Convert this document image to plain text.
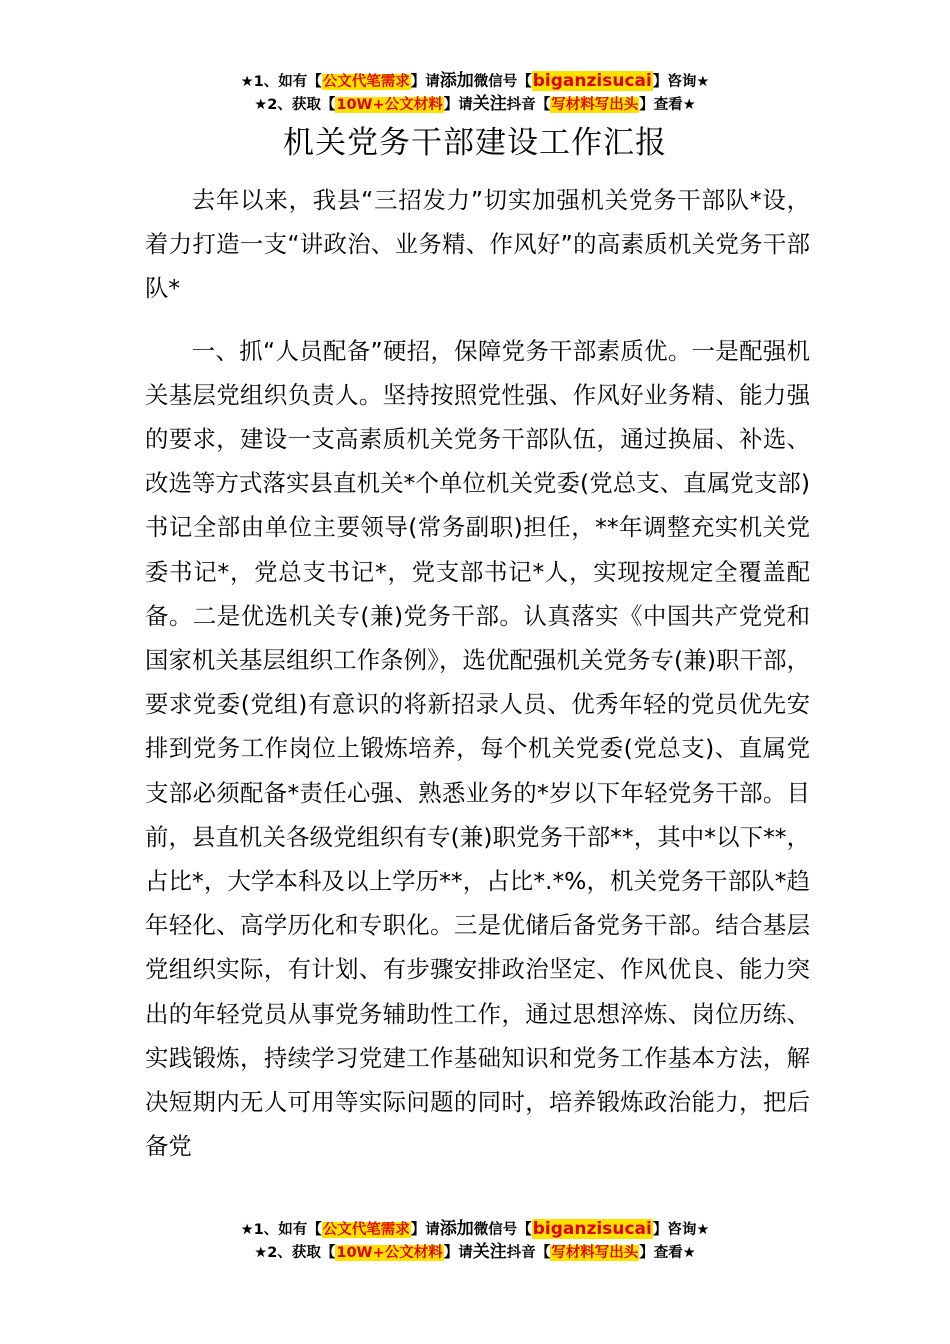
★1、如有【公文代笔需求】请添加微信号【biganzisucai】咨询★
★2、获取【10W+公文材料】请关注抖音【写材料写出头】查看★
机关党务干部建设工作汇报

去年以来，我县“三招发力”切实加强机关党务干部队*设，着力打造一支“讲政治、业务精、作风好”的高素质机关党务干部队*

一、抓“人员配备”硬招，保障党务干部素质优。一是配强机关基层党组织负责人。坚持按照党性强、作风好业务精、能力强的要求，建设一支高素质机关党务干部队伍，通过换届、补选、改选等方式落实县直机关*个单位机关党委(党总支、直属党支部)书记全部由单位主要领导(常务副职)担任，**年调整充实机关党委书记*，党总支书记*，党支部书记*人，实现按规定全覆盖配备。二是优选机关专(兼)党务干部。认真落实《中国共产党党和国家机关基层组织工作条例》，选优配强机关党务专(兼)职干部，要求党委(党组)有意识的将新招录人员、优秀年轻的党员优先安排到党务工作岗位上锻炼培养，每个机关党委(党总支)、直属党支部必须配备*责任心强、熟悉业务的*岁以下年轻党务干部。目前，县直机关各级党组织有专(兼)职党务干部**，其中*以下**，占比*，大学本科及以上学历**，占比*.*%，机关党务干部队*趋年轻化、高学历化和专职化。三是优储后备党务干部。结合基层党组织实际，有计划、有步骤安排政治坚定、作风优良、能力突出的年轻党员从事党务辅助性工作，通过思想淬炼、岗位历练、实践锻炼，持续学习党建工作基础知识和党务工作基本方法，解决短期内无人可用等实际问题的同时，培养锻炼政治能力，把后备党

★1、如有【公文代笔需求】请添加微信号【biganzisucai】咨询★
★2、获取【10W+公文材料】请关注抖音【写材料写出头】查看★
